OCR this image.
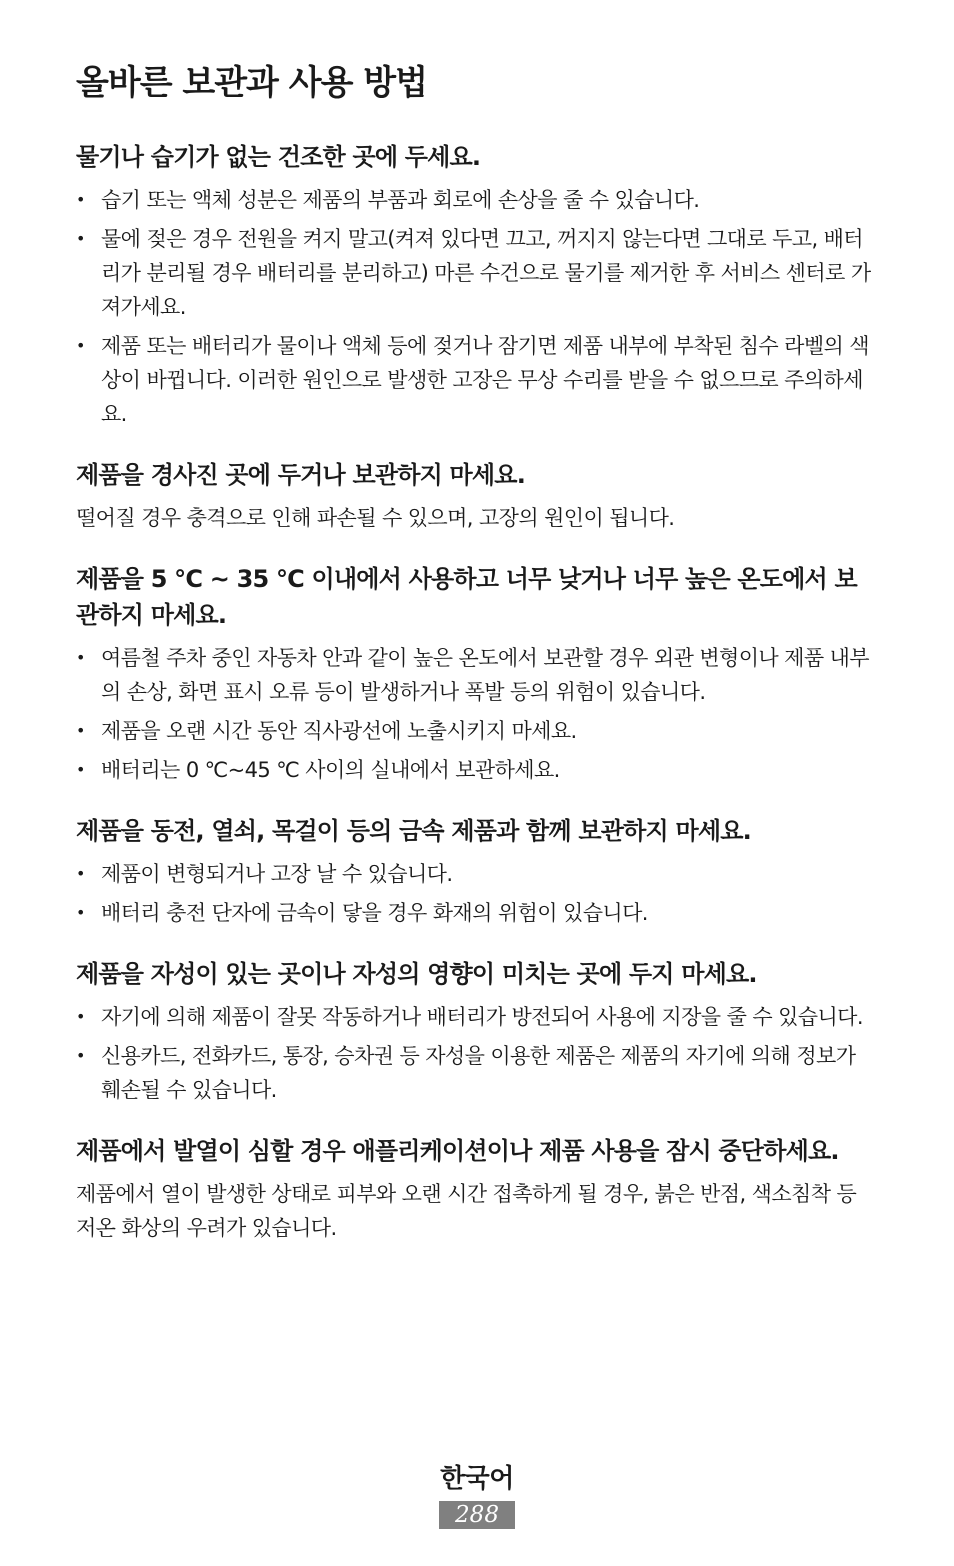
올바른 보관과 사용 방법
물기나 습기가 없는 건조한 곳에 두세요.
• 습기 또는 액체 성분은 제품의 부품과 회로에 손상을 줄 수 있습니다.
• 물에 젖은 경우 전원을 켜지 말고(켜져 있다면 끄고, 꺼지지 않는다면 그대로 두고, 배터리가 분리될 경우 배터리를 분리하고) 마른 수건으로 물기를 제거한 후 서비스 센터로 가져가세요.
• 제품 또는 배터리가 물이나 액체 등에 젖거나 잠기면 제품 내부에 부착된 침수 라벨의 색상이 바뀝니다. 이러한 원인으로 발생한 고장은 무상 수리를 받을 수 없으므로 주의하세요.
제품을 경사진 곳에 두거나 보관하지 마세요.

떨어질 경우 충격으로 인해 파손될 수 있으며, 고장의 원인이 됩니다.

제품을 5 °C ~ 35 °C 이내에서 사용하고 너무 낮거나 너무 높은 온도에서 보관하지 마세요.
• 여름철 주차 중인 자동차 안과 같이 높은 온도에서 보관할 경우 외관 변형이나 제품 내부의 손상, 화면 표시 오류 등이 발생하거나 폭발 등의 위험이 있습니다.
• 제품을 오랜 시간 동안 직사광선에 노출시키지 마세요.
• 배터리는 0 ℃~45 ℃ 사이의 실내에서 보관하세요.
제품을 동전, 열쇠, 목걸이 등의 금속 제품과 함께 보관하지 마세요.
• 제품이 변형되거나 고장 날 수 있습니다.
• 배터리 충전 단자에 금속이 닿을 경우 화재의 위험이 있습니다.
제품을 자성이 있는 곳이나 자성의 영향이 미치는 곳에 두지 마세요.
• 자기에 의해 제품이 잘못 작동하거나 배터리가 방전되어 사용에 지장을 줄 수 있습니다.
• 신용카드, 전화카드, 통장, 승차권 등 자성을 이용한 제품은 제품의 자기에 의해 정보가 훼손될 수 있습니다.
제품에서 발열이 심할 경우 애플리케이션이나 제품 사용을 잠시 중단하세요.

제품에서 열이 발생한 상태로 피부와 오랜 시간 접촉하게 될 경우, 붉은 반점, 색소침착 등 저온 화상의 우려가 있습니다.

한국어
288
